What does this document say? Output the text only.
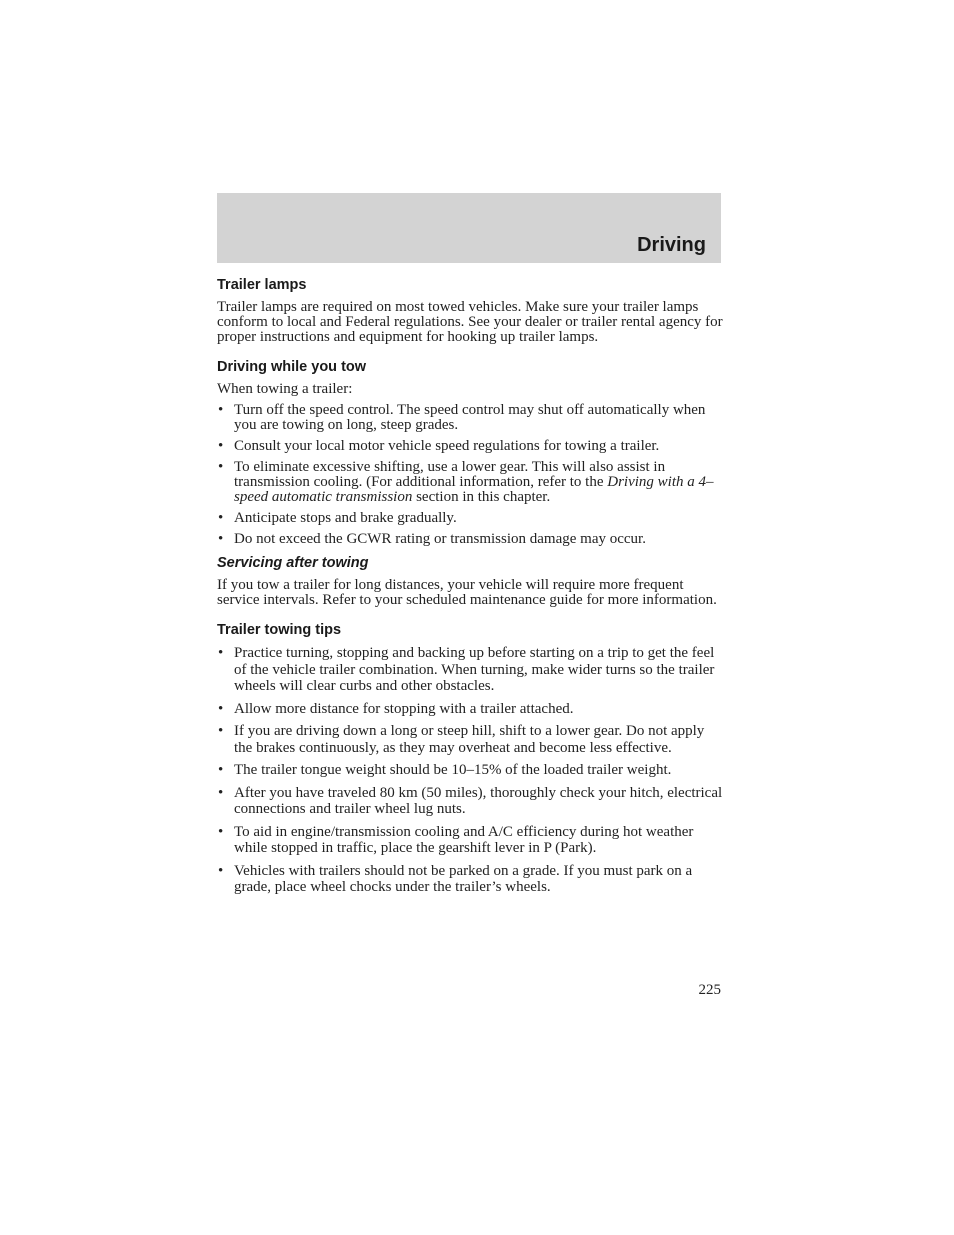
Driving
Trailer lamps

Trailer lamps are required on most towed vehicles. Make sure your trailer lamps conform to local and Federal regulations. See your dealer or trailer rental agency for proper instructions and equipment for hooking up trailer lamps.

Driving while you tow

When towing a trailer:

• Turn off the speed control. The speed control may shut off automatically when you are towing on long, steep grades.
• Consult your local motor vehicle speed regulations for towing a trailer.
• To eliminate excessive shifting, use a lower gear. This will also assist in transmission cooling. (For additional information, refer to the Driving with a 4–speed automatic transmission section in this chapter.
• Anticipate stops and brake gradually.
• Do not exceed the GCWR rating or transmission damage may occur.
Servicing after towing

If you tow a trailer for long distances, your vehicle will require more frequent service intervals. Refer to your scheduled maintenance guide for more information.

Trailer towing tips
• Practice turning, stopping and backing up before starting on a trip to get the feel of the vehicle trailer combination. When turning, make wider turns so the trailer wheels will clear curbs and other obstacles.
• Allow more distance for stopping with a trailer attached.
• If you are driving down a long or steep hill, shift to a lower gear. Do not apply the brakes continuously, as they may overheat and become less effective.
• The trailer tongue weight should be 10–15% of the loaded trailer weight.
• After you have traveled 80 km (50 miles), thoroughly check your hitch, electrical connections and trailer wheel lug nuts.
• To aid in engine/transmission cooling and A/C efficiency during hot weather while stopped in traffic, place the gearshift lever in P (Park).
• Vehicles with trailers should not be parked on a grade. If you must park on a grade, place wheel chocks under the trailer’s wheels.

225
